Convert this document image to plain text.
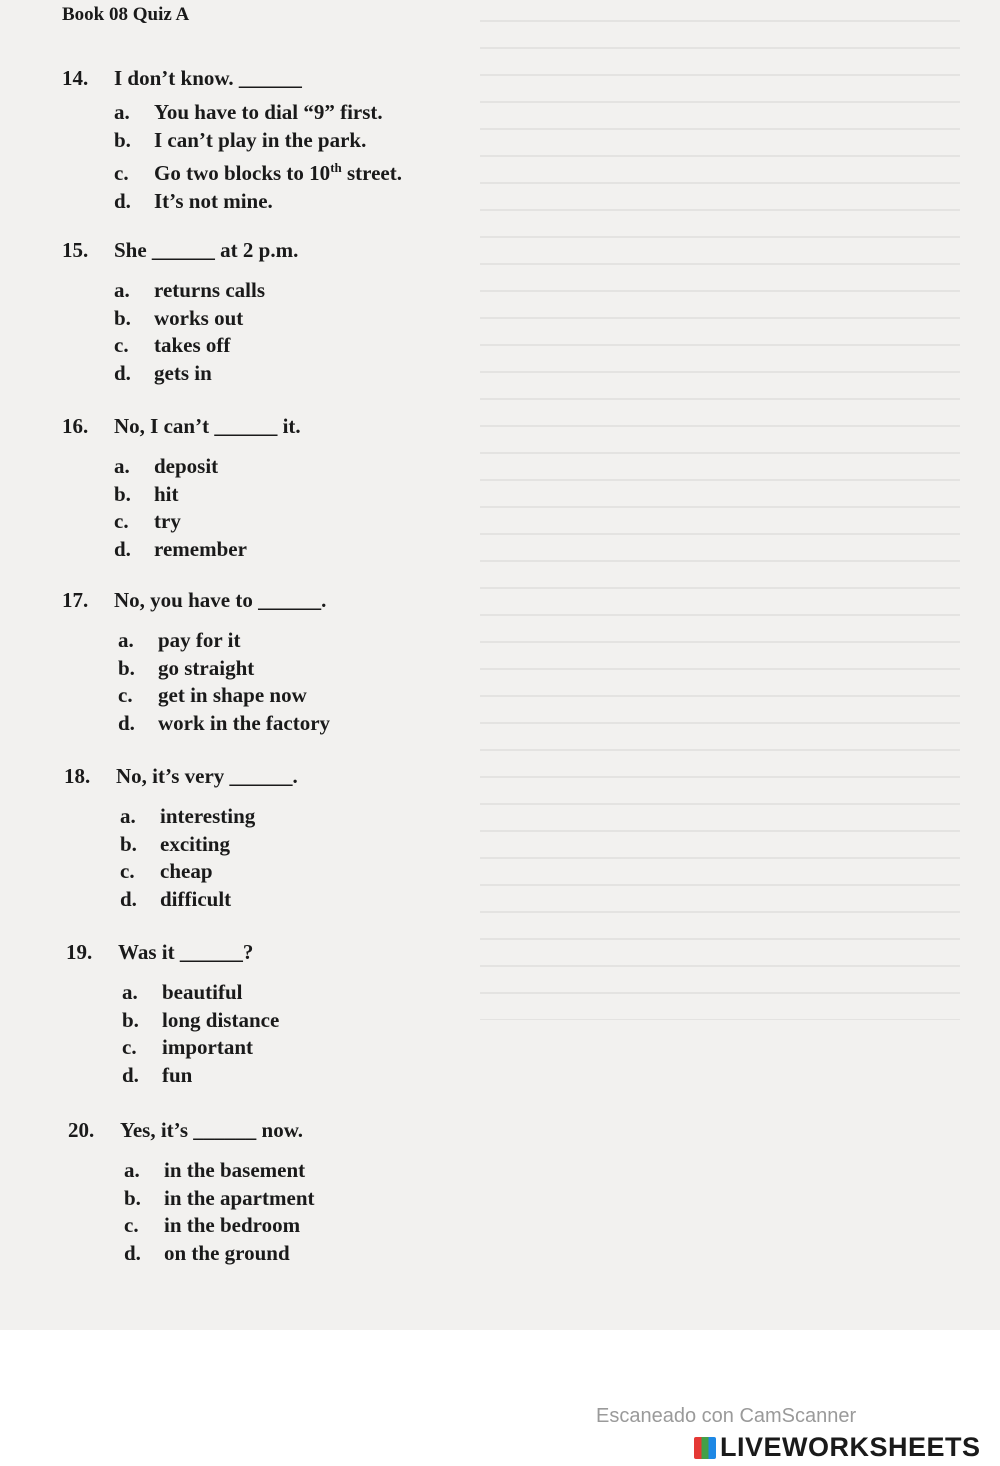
Book 08 Quiz A
14. I don’t know. ______
a. You have to dial “9” first.
b. I can’t play in the park.
c. Go two blocks to 10th street.
d. It’s not mine.
15. She ______ at 2 p.m.
a. returns calls
b. works out
c. takes off
d. gets in
16. No, I can’t ______ it.
a. deposit
b. hit
c. try
d. remember
17. No, you have to ______.
a. pay for it
b. go straight
c. get in shape now
d. work in the factory
18. No, it’s very ______.
a. interesting
b. exciting
c. cheap
d. difficult
19. Was it ______?
a. beautiful
b. long distance
c. important
d. fun
20. Yes, it’s ______ now.
a. in the basement
b. in the apartment
c. in the bedroom
d. on the ground
Escaneado con CamScanner
LIVEWORKSHEETS
